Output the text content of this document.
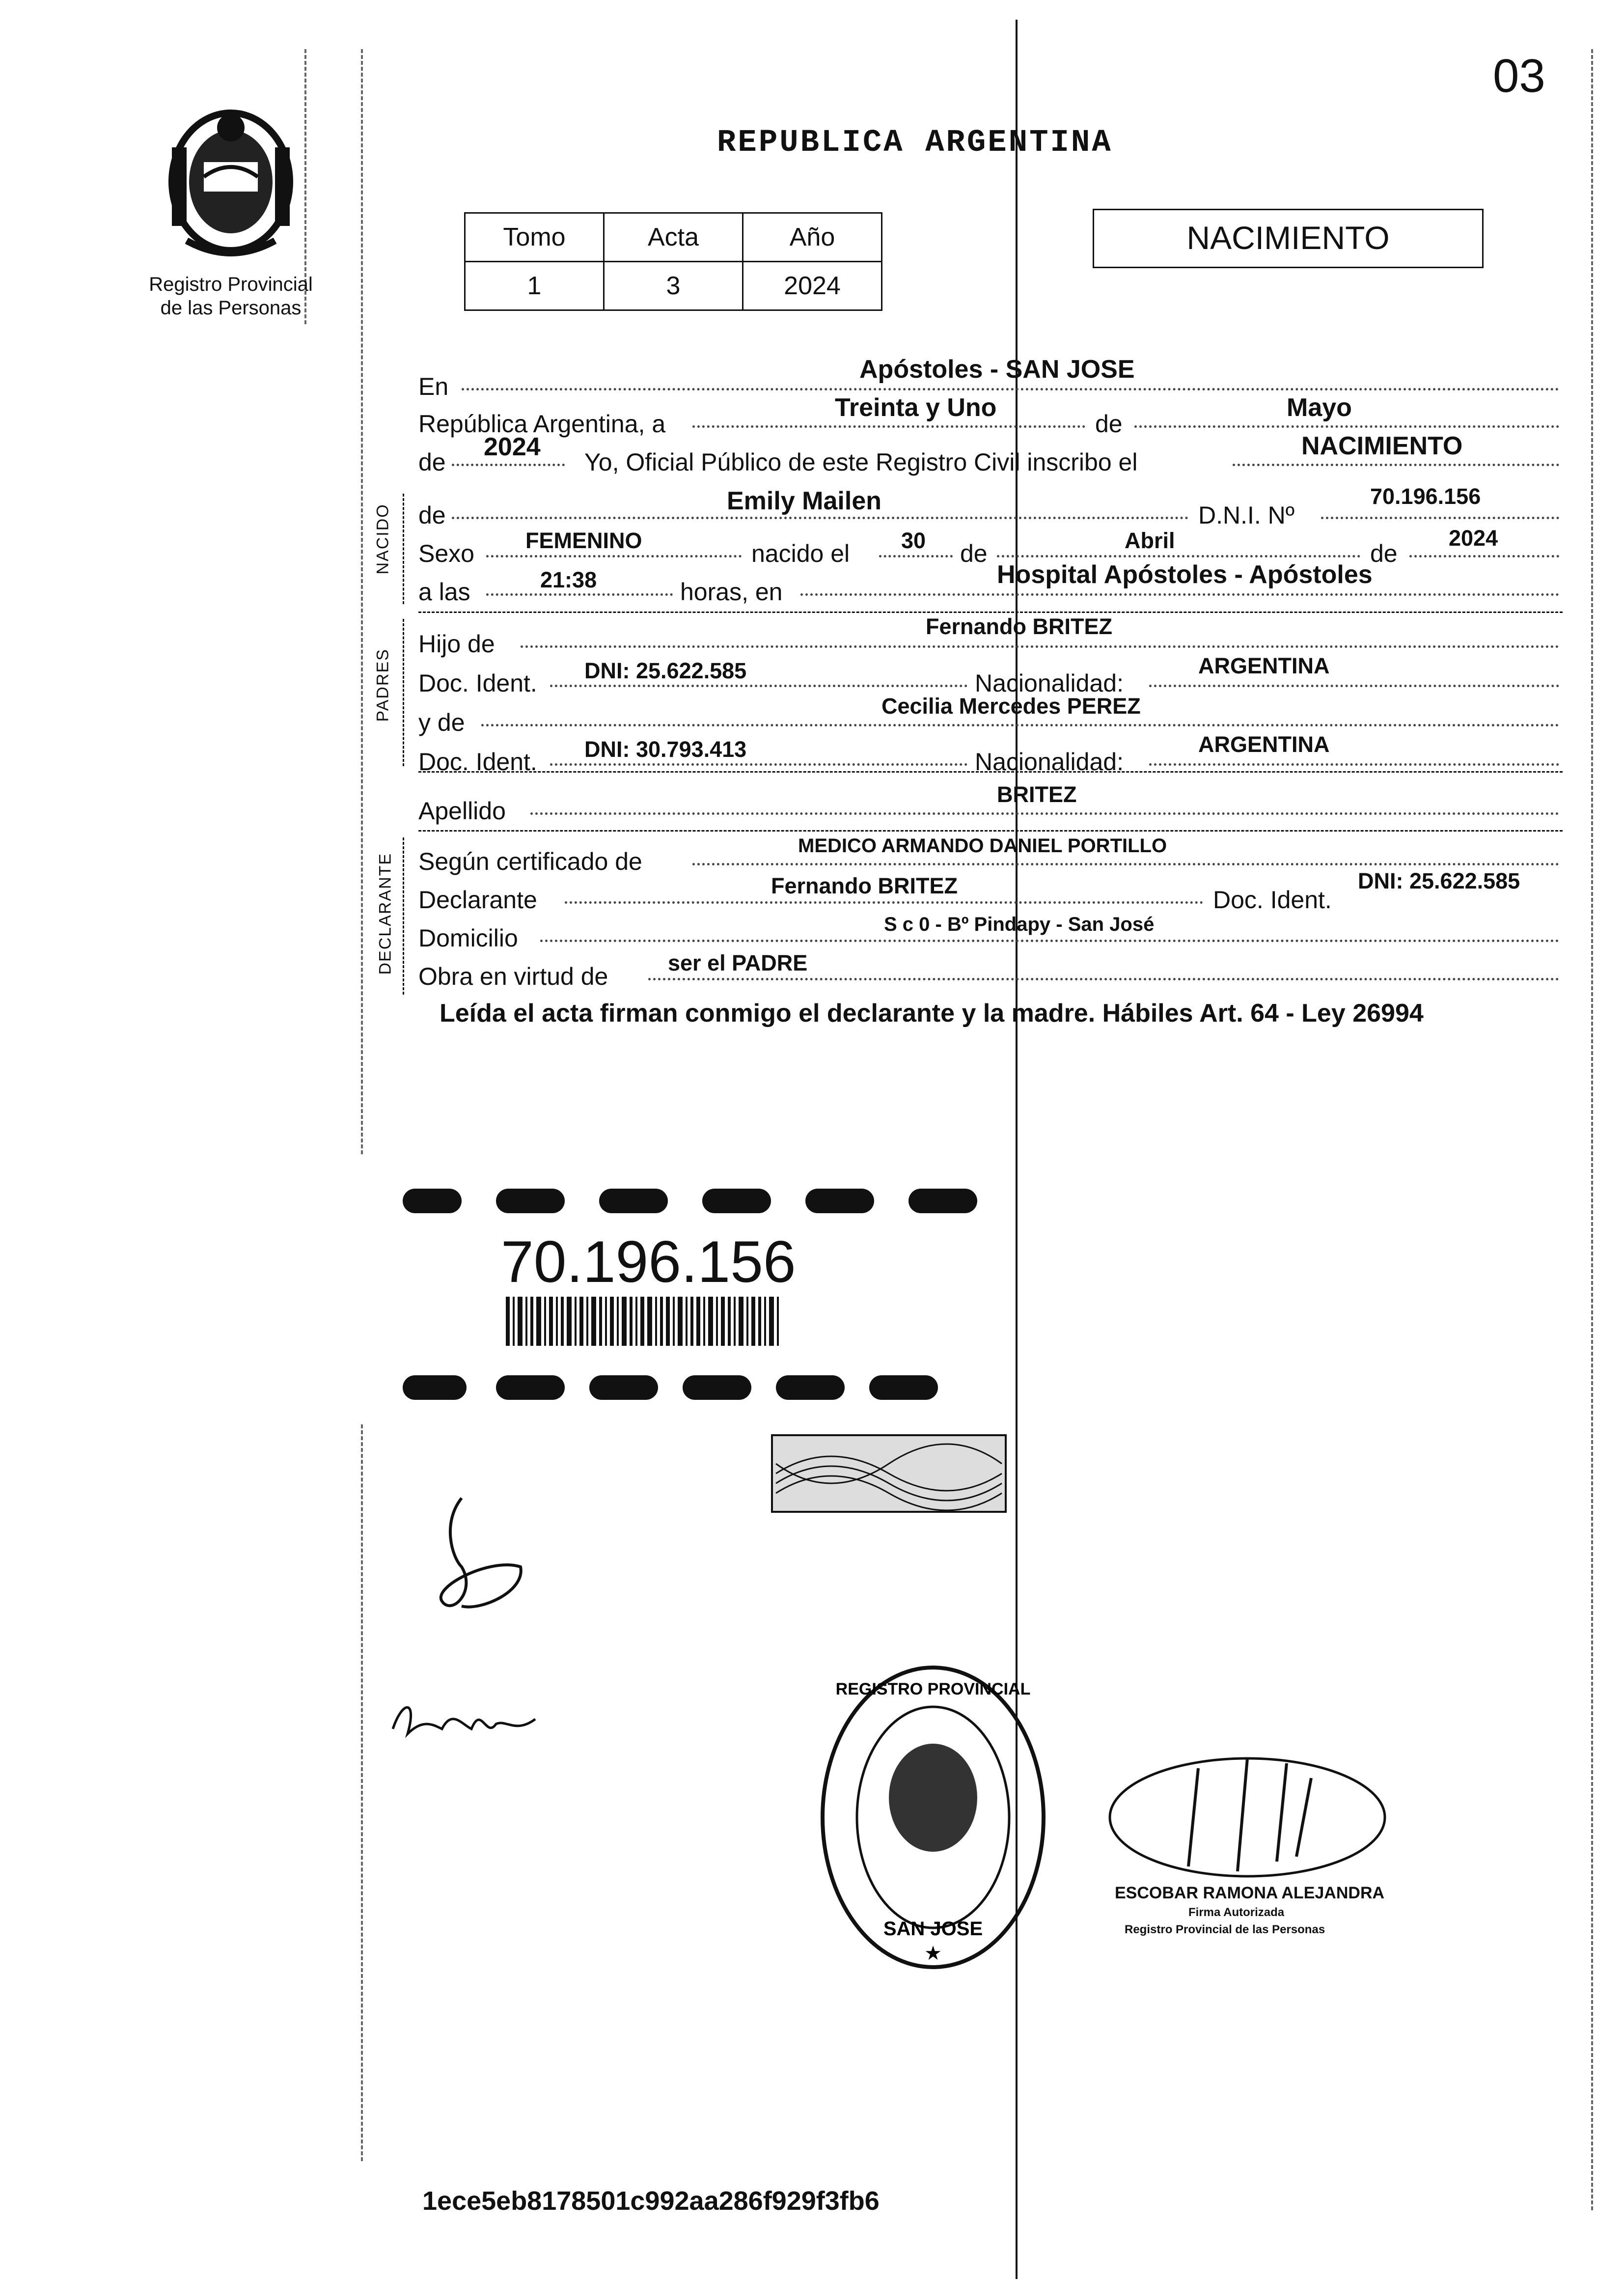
03
Registro Provincial
de las Personas
REPUBLICA ARGENTINA
Tomo	Acta	Año
1	3	2024
NACIMIENTO
En
Apóstoles - SAN JOSE
República Argentina, a
Treinta y Uno
de
Mayo
de
2024
Yo, Oficial Público de este Registro Civil inscribo el
NACIMIENTO
NACIDO de	Emily Mailen	D.N.I. Nº
70.196.156
Sexo FEMENINO	nacido el 30 de	Abril	de
2024
a las	21:38	horas, en
Hospital Apóstoles - Apóstoles
PADRES
Hijo de
Fernando BRITEZ
Doc. Ident. DNI: 25.622.585	Nacionalidad:
ARGENTINA
y de
Cecilia Mercedes PEREZ
Doc. Ident. DNI: 30.793.413	Nacionalidad:
ARGENTINA
Apellido
BRITEZ
DECLARANTE Según certificado de
MEDICO ARMANDO DANIEL PORTILLO
Declarante
Fernando BRITEZ
Doc. Ident.
DNI: 25.622.585
Domicilio	S c 0 - Bº Pindapy - San José
Obra en virtud de	ser el PADRE
Leída el acta firman conmigo el declarante y la madre. Hábiles Art. 64 - Ley 26994
70.196.156
REGISTRO PROVINCIAL
SAN JOSE
★
ESCOBAR RAMONA ALEJANDRA
Firma Autorizada
Registro Provincial de las Personas
1ece5eb8178501c992aa286f929f3fb6
